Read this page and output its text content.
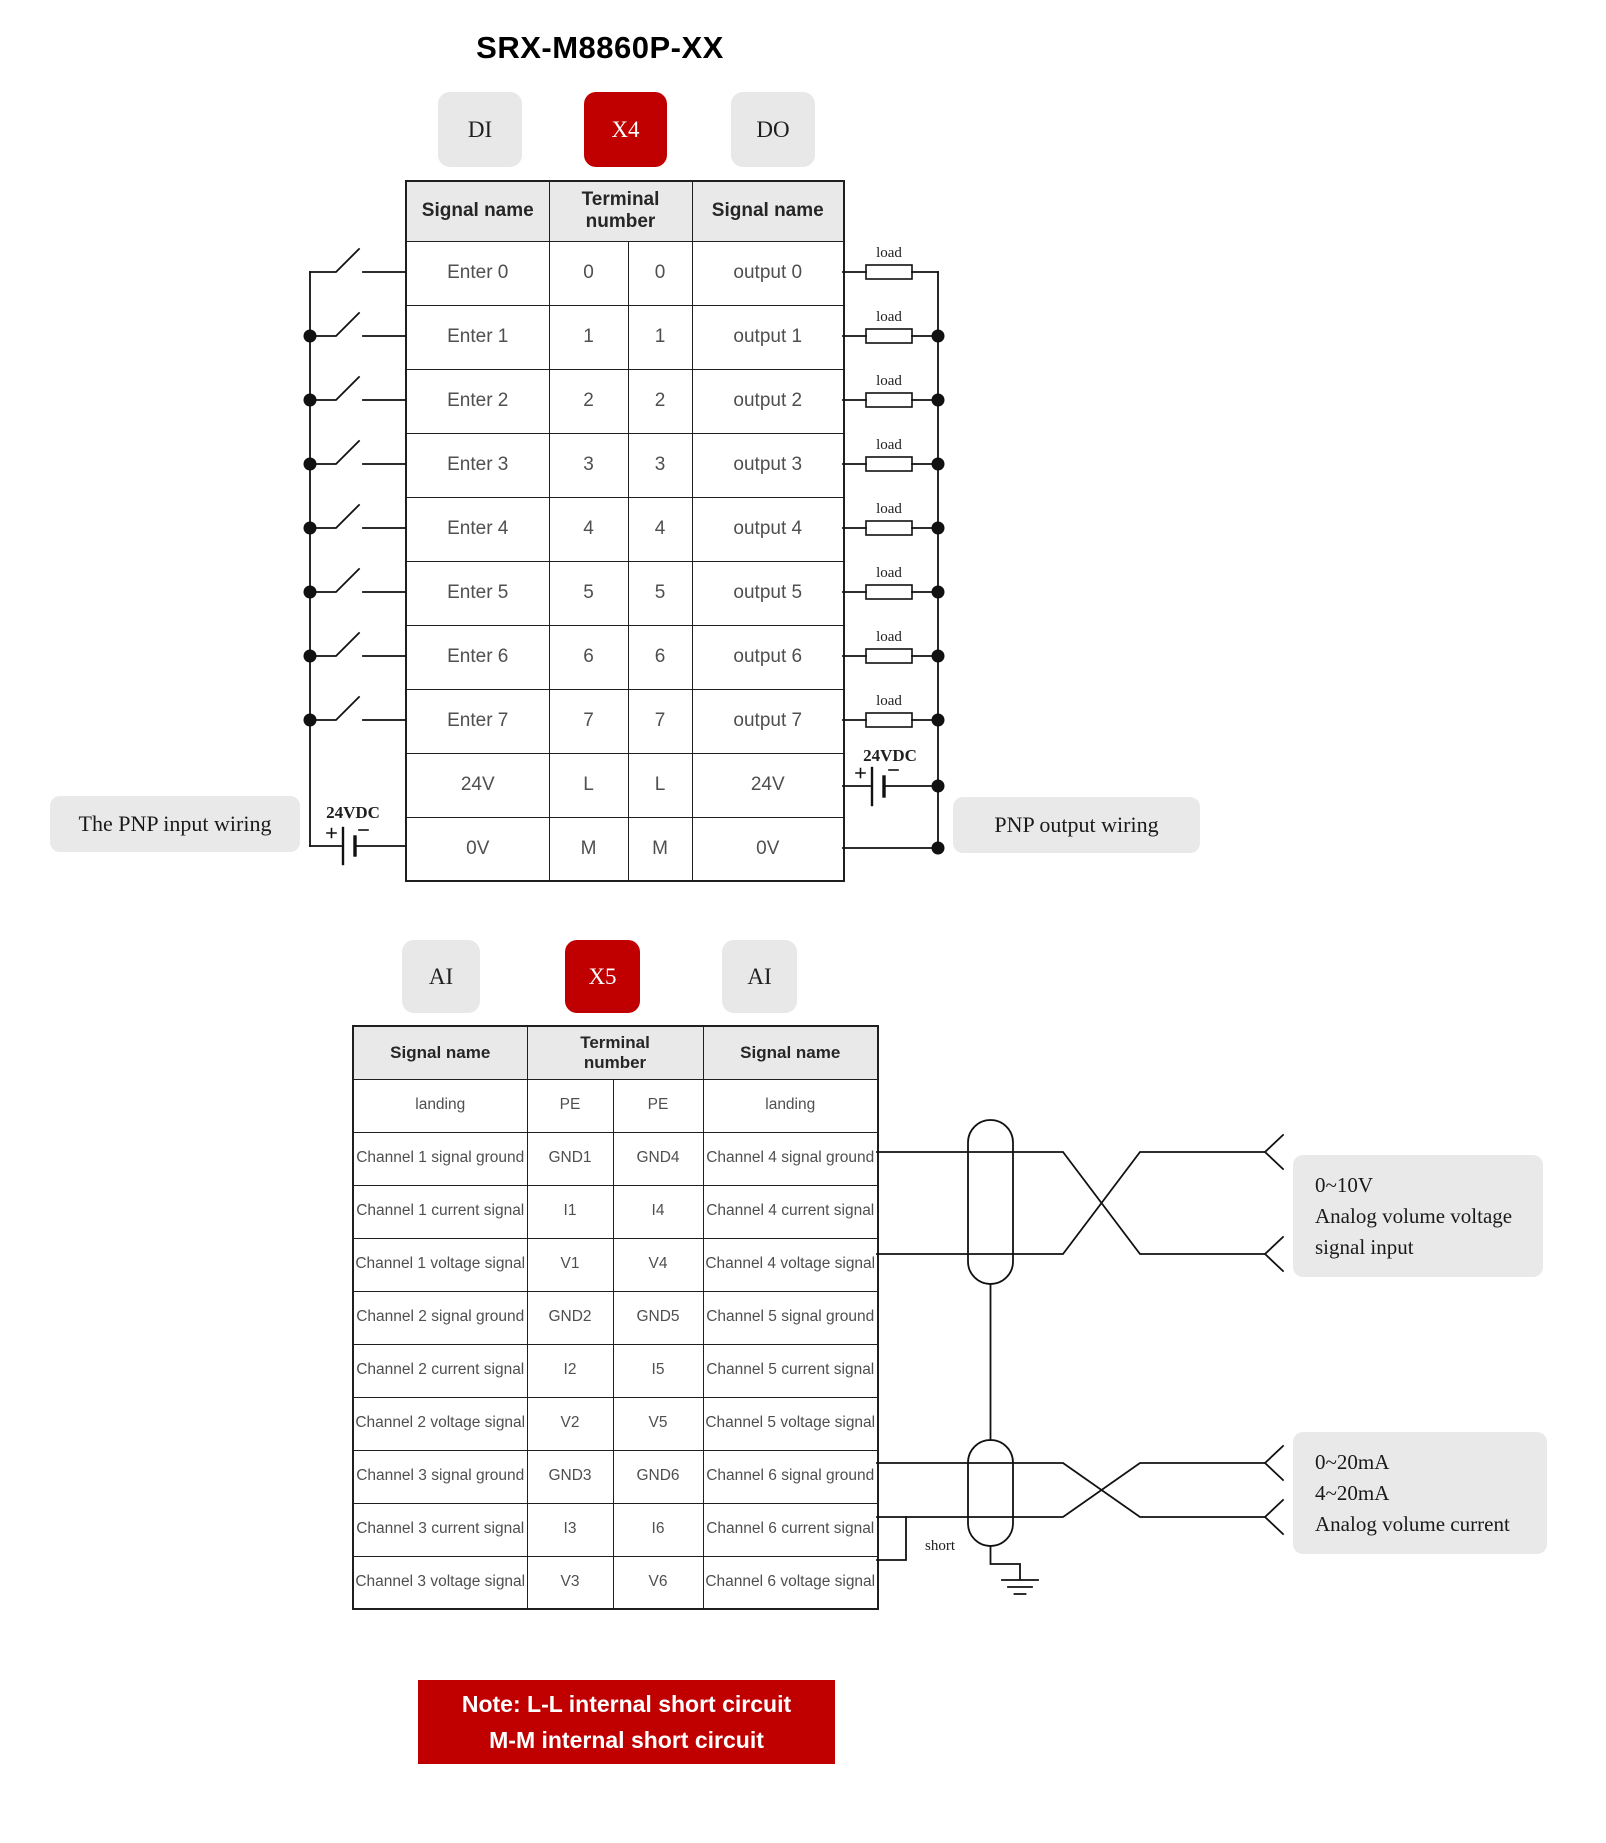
SRX-M8860P-XX
DI	X4	DO
Signal name	Terminal number		Signal name
Enter 0	0	0	output 0
Enter 1	1	1	output 1
Enter 2	2	2	output 2
Enter 3	3	3	output 3
Enter 4	4	4	output 4
Enter 5	5	5	output 5
Enter 6	6	6	output 6
Enter 7	7	7	output 7
24V	L	L	24V
0V	M	M	0V
AI	X5	AI
Signal name	Terminal number		Signal name
landing	PE	PE	landing
Channel 1 signal ground	GND1	GND4	Channel 4 signal ground
Channel 1 current signal	I1	I4	Channel 4 current signal
Channel 1 voltage signal	V1	V4	Channel 4 voltage signal
Channel 2 signal ground	GND2	GND5	Channel 5 signal ground
Channel 2 current signal	I2	I5	Channel 5 current signal
Channel 2 voltage signal	V2	V5	Channel 5 voltage signal
Channel 3 signal ground	GND3	GND6	Channel 6 signal ground
Channel 3 current signal	I3	I6	Channel 6 current signal
Channel 3 voltage signal	V3	V6	Channel 6 voltage signal
load
load
load
load
load
load
load
load
24VDC
24VDC
The PNP input wiring	PNP output wiring
short
0~10V
Analog volume voltage
signal input
0~20mA
4~20mA
Analog volume current
Note: L-L internal short circuit
M-M internal short circuit
